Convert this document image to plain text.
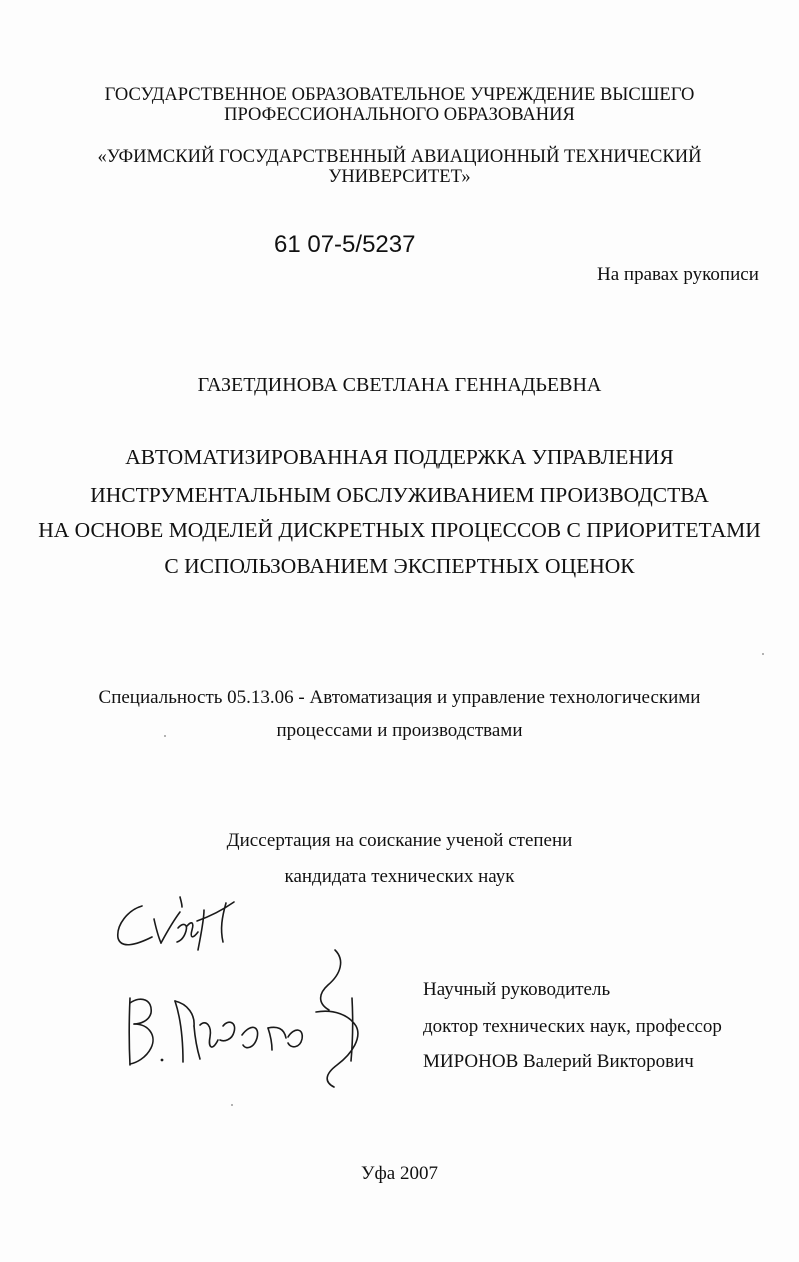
ГОСУДАРСТВЕННОЕ ОБРАЗОВАТЕЛЬНОЕ УЧРЕЖДЕНИЕ ВЫСШЕГО
ПРОФЕССИОНАЛЬНОГО ОБРАЗОВАНИЯ
«УФИМСКИЙ ГОСУДАРСТВЕННЫЙ АВИАЦИОННЫЙ ТЕХНИЧЕСКИЙ
УНИВЕРСИТЕТ»
61 07-5/5237
На правах рукописи
ГАЗЕТДИНОВА СВЕТЛАНА ГЕННАДЬЕВНА
АВТОМАТИЗИРОВАННАЯ ПОДДЕРЖКА УПРАВЛЕНИЯ
ИНСТРУМЕНТАЛЬНЫМ ОБСЛУЖИВАНИЕМ ПРОИЗВОДСТВА
НА ОСНОВЕ МОДЕЛЕЙ ДИСКРЕТНЫХ ПРОЦЕССОВ С ПРИОРИТЕТАМИ
С ИСПОЛЬЗОВАНИЕМ ЭКСПЕРТНЫХ ОЦЕНОК
Специальность 05.13.06 - Автоматизация и управление технологическими
процессами и производствами
Диссертация на соискание ученой степени
кандидата технических наук
Научный руководитель
доктор технических наук, профессор
МИРОНОВ Валерий Викторович
Уфа 2007
